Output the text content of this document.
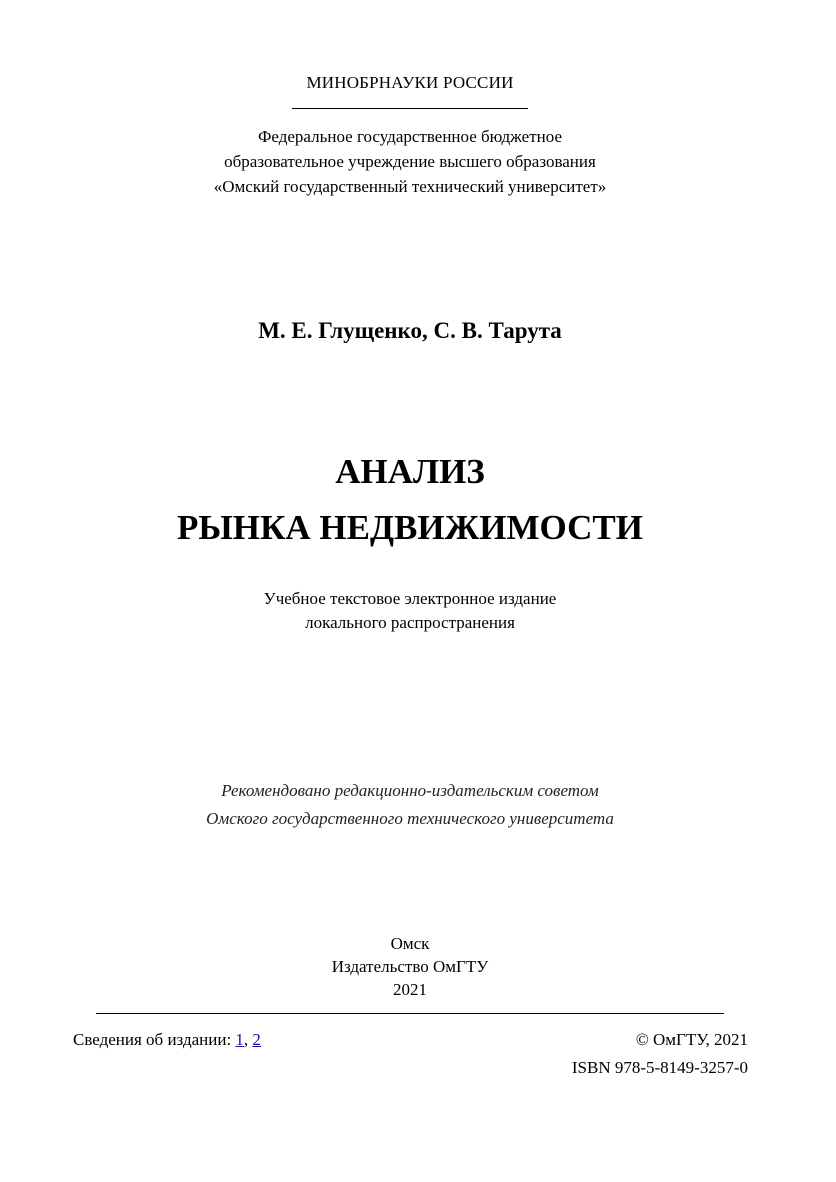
МИНОБРНАУКИ РОССИИ
Федеральное государственное бюджетное
образовательное учреждение высшего образования
«Омский государственный технический университет»
М. Е. Глущенко, С. В. Тарута
АНАЛИЗ
РЫНКА НЕДВИЖИМОСТИ
Учебное текстовое электронное издание
локального распространения
Рекомендовано редакционно-издательским советом
Омского государственного технического университета
Омск
Издательство ОмГТУ
2021
Сведения об издании: 1, 2	© ОмГТУ, 2021
ISBN 978-5-8149-3257-0
